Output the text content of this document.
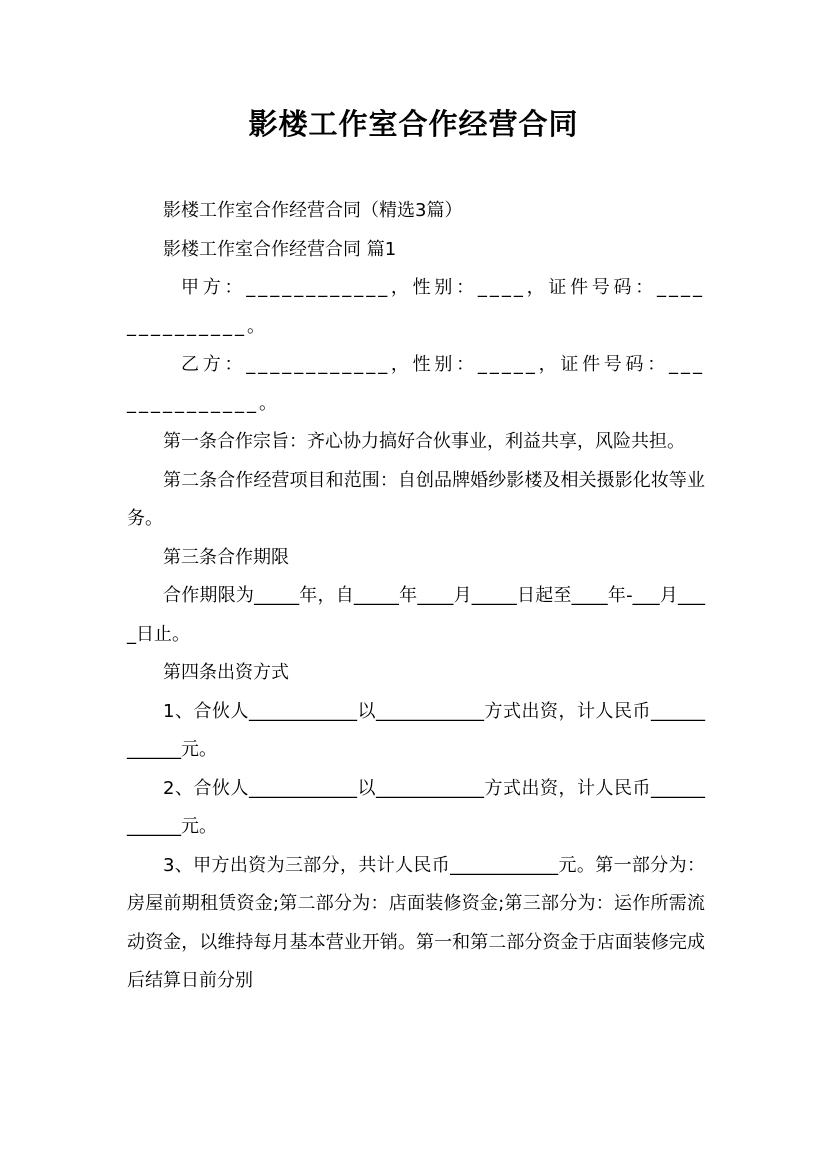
影楼工作室合作经营合同

影楼工作室合作经营合同（精选3篇）

影楼工作室合作经营合同 篇1

甲方：____________，性别：____，证件号码：______________。

乙方：____________，性别：_____，证件号码：______________。

第一条合作宗旨：齐心协力搞好合伙事业，利益共享，风险共担。

第二条合作经营项目和范围：自创品牌婚纱影楼及相关摄影化妆等业务。

第三条合作期限

合作期限为_____年，自_____年____月_____日起至____年-___月____日止。

第四条出资方式

1、合伙人____________以____________方式出资，计人民币____________元。

2、合伙人____________以____________方式出资，计人民币____________元。

3、甲方出资为三部分，共计人民币____________元。第一部分为：房屋前期租赁资金;第二部分为：店面装修资金;第三部分为：运作所需流动资金，以维持每月基本营业开销。第一和第二部分资金于店面装修完成后结算日前分别
